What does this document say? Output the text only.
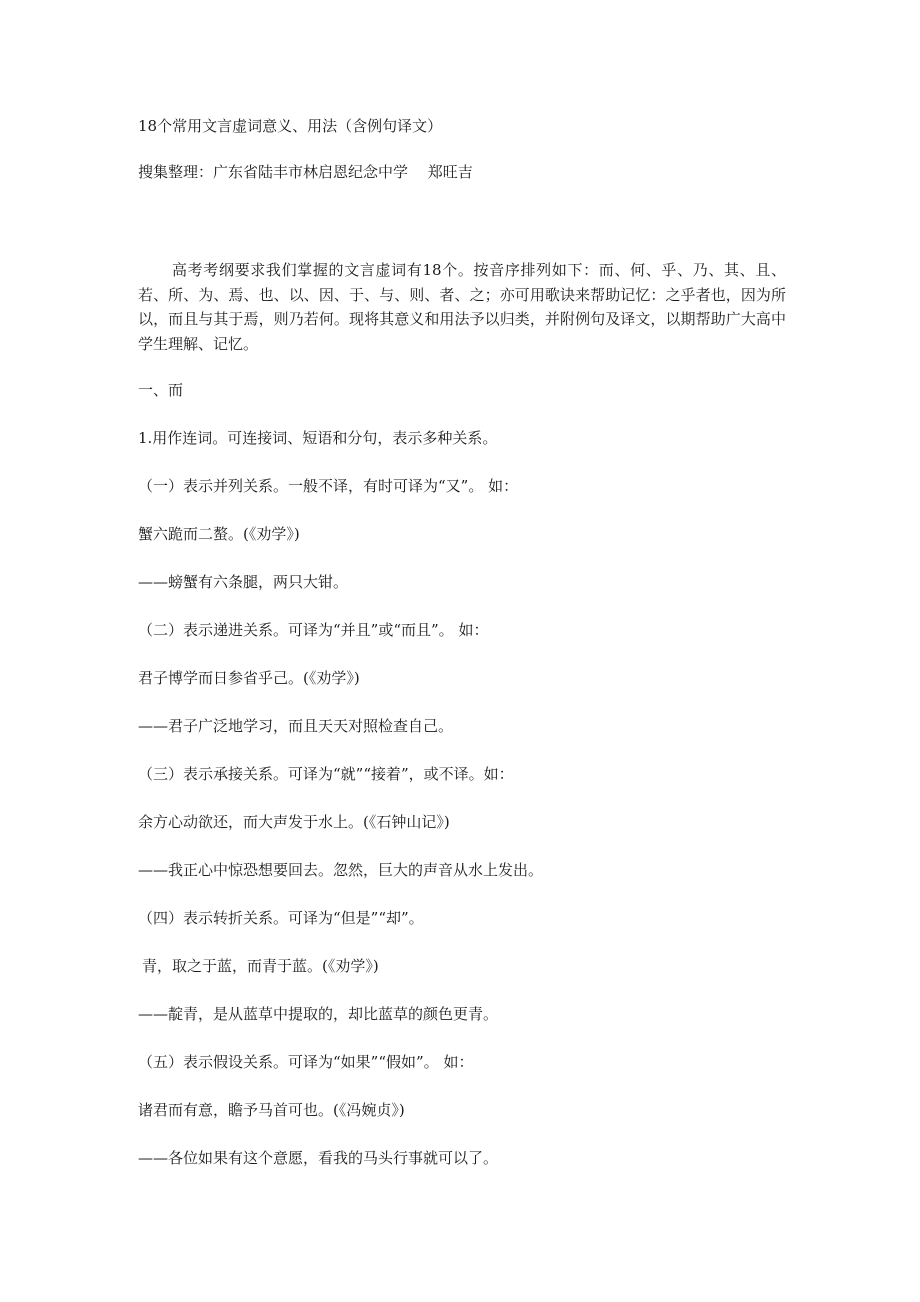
18个常用文言虚词意义、用法（含例句译文）
搜集整理：广东省陆丰市林启恩纪念中学　 郑旺吉
高考考纲要求我们掌握的文言虚词有18个。按音序排列如下：而、何、乎、乃、其、且、若、所、为、焉、也、以、因、于、与、则、者、之；亦可用歌诀来帮助记忆：之乎者也，因为所以，而且与其于焉，则乃若何。现将其意义和用法予以归类，并附例句及译文，以期帮助广大高中学生理解、记忆。
一、而
1.用作连词。可连接词、短语和分句，表示多种关系。
（一）表示并列关系。一般不译，有时可译为“又”。 如：
蟹六跪而二螯。(《劝学》)
——螃蟹有六条腿，两只大钳。
（二）表示递进关系。可译为“并且”或“而且”。 如：
君子博学而日参省乎己。(《劝学》)
——君子广泛地学习，而且天天对照检查自己。
（三）表示承接关系。可译为“就”“接着”，或不译。如：
余方心动欲还，而大声发于水上。(《石钟山记》)
——我正心中惊恐想要回去。忽然，巨大的声音从水上发出。
（四）表示转折关系。可译为“但是”“却”。
青，取之于蓝，而青于蓝。(《劝学》)
——靛青，是从蓝草中提取的，却比蓝草的颜色更青。
（五）表示假设关系。可译为“如果”“假如”。 如：
诸君而有意，瞻予马首可也。(《冯婉贞》)
——各位如果有这个意愿，看我的马头行事就可以了。
